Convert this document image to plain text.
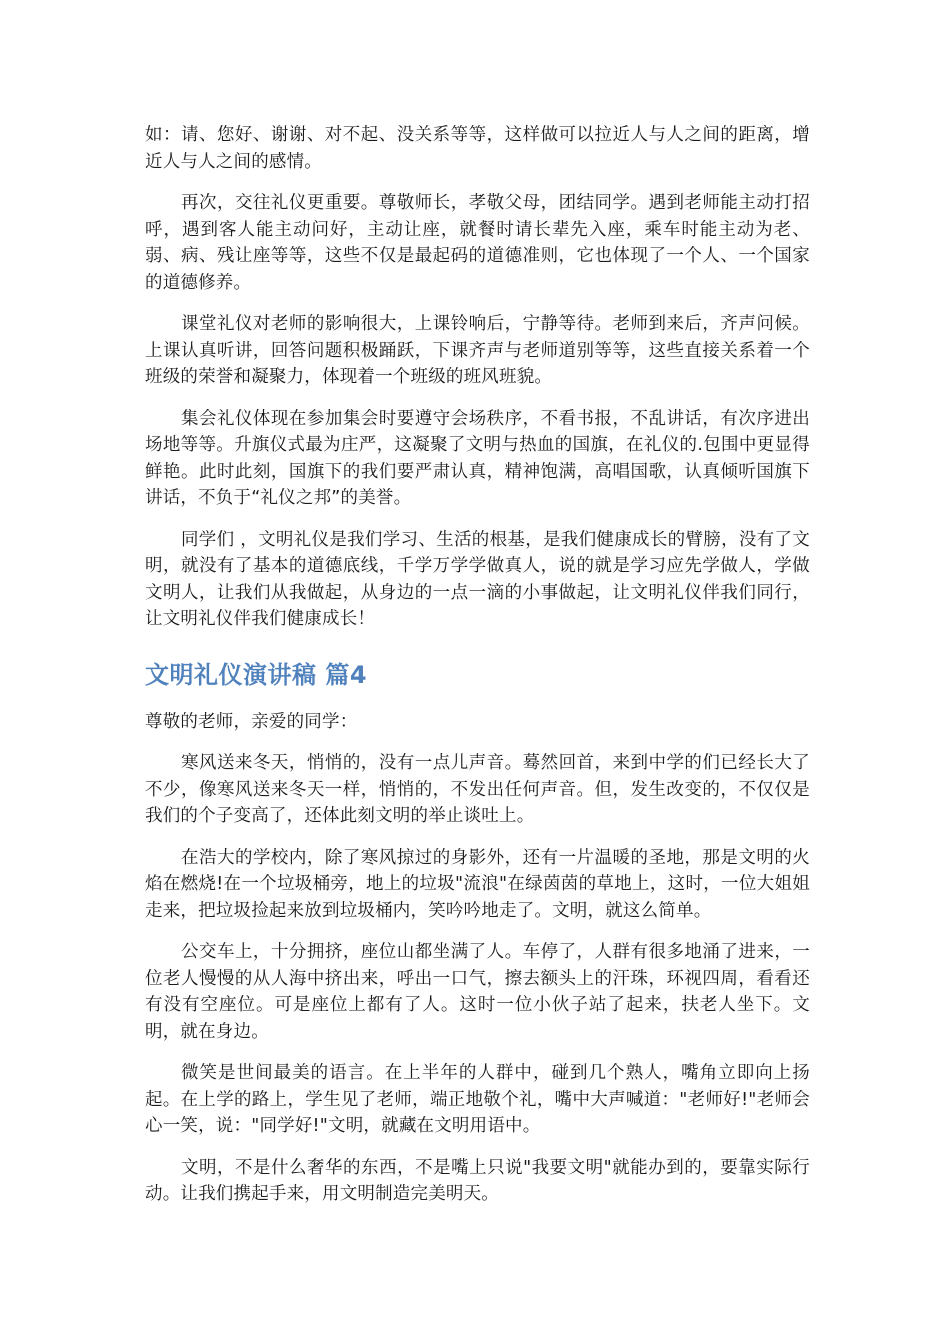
如：请、您好、谢谢、对不起、没关系等等，这样做可以拉近人与人之间的距离，增近人与人之间的感情。

再次，交往礼仪更重要。尊敬师长，孝敬父母，团结同学。遇到老师能主动打招呼，遇到客人能主动问好，主动让座，就餐时请长辈先入座，乘车时能主动为老、弱、病、残让座等等，这些不仅是最起码的道德准则，它也体现了一个人、一个国家的道德修养。

课堂礼仪对老师的影响很大，上课铃响后，宁静等待。老师到来后，齐声问候。上课认真听讲，回答问题积极踊跃，下课齐声与老师道别等等，这些直接关系着一个班级的荣誉和凝聚力，体现着一个班级的班风班貌。

集会礼仪体现在参加集会时要遵守会场秩序，不看书报，不乱讲话，有次序进出场地等等。升旗仪式最为庄严，这凝聚了文明与热血的国旗，在礼仪的.包围中更显得鲜艳。此时此刻，国旗下的我们要严肃认真，精神饱满，高唱国歌，认真倾听国旗下讲话，不负于“礼仪之邦”的美誉。

同学们 ，文明礼仪是我们学习、生活的根基，是我们健康成长的臂膀，没有了文明，就没有了基本的道德底线，千学万学学做真人，说的就是学习应先学做人，学做文明人，让我们从我做起，从身边的一点一滴的小事做起，让文明礼仪伴我们同行，让文明礼仪伴我们健康成长！

文明礼仪演讲稿 篇4

尊敬的老师，亲爱的同学：

寒风送来冬天，悄悄的，没有一点儿声音。蓦然回首，来到中学的们已经长大了不少，像寒风送来冬天一样，悄悄的，不发出任何声音。但，发生改变的，不仅仅是我们的个子变高了，还体此刻文明的举止谈吐上。

在浩大的学校内，除了寒风掠过的身影外，还有一片温暖的圣地，那是文明的火焰在燃烧!在一个垃圾桶旁，地上的垃圾"流浪"在绿茵茵的草地上，这时，一位大姐姐走来，把垃圾捡起来放到垃圾桶内，笑吟吟地走了。文明，就这么简单。

公交车上，十分拥挤，座位山都坐满了人。车停了，人群有很多地涌了进来，一位老人慢慢的从人海中挤出来，呼出一口气，擦去额头上的汗珠，环视四周，看看还有没有空座位。可是座位上都有了人。这时一位小伙子站了起来，扶老人坐下。文明，就在身边。

微笑是世间最美的语言。在上半年的人群中，碰到几个熟人，嘴角立即向上扬起。在上学的路上，学生见了老师，端正地敬个礼，嘴中大声喊道："老师好!"老师会心一笑，说："同学好!"文明，就藏在文明用语中。

文明，不是什么奢华的东西，不是嘴上只说"我要文明"就能办到的，要靠实际行动。让我们携起手来，用文明制造完美明天。
